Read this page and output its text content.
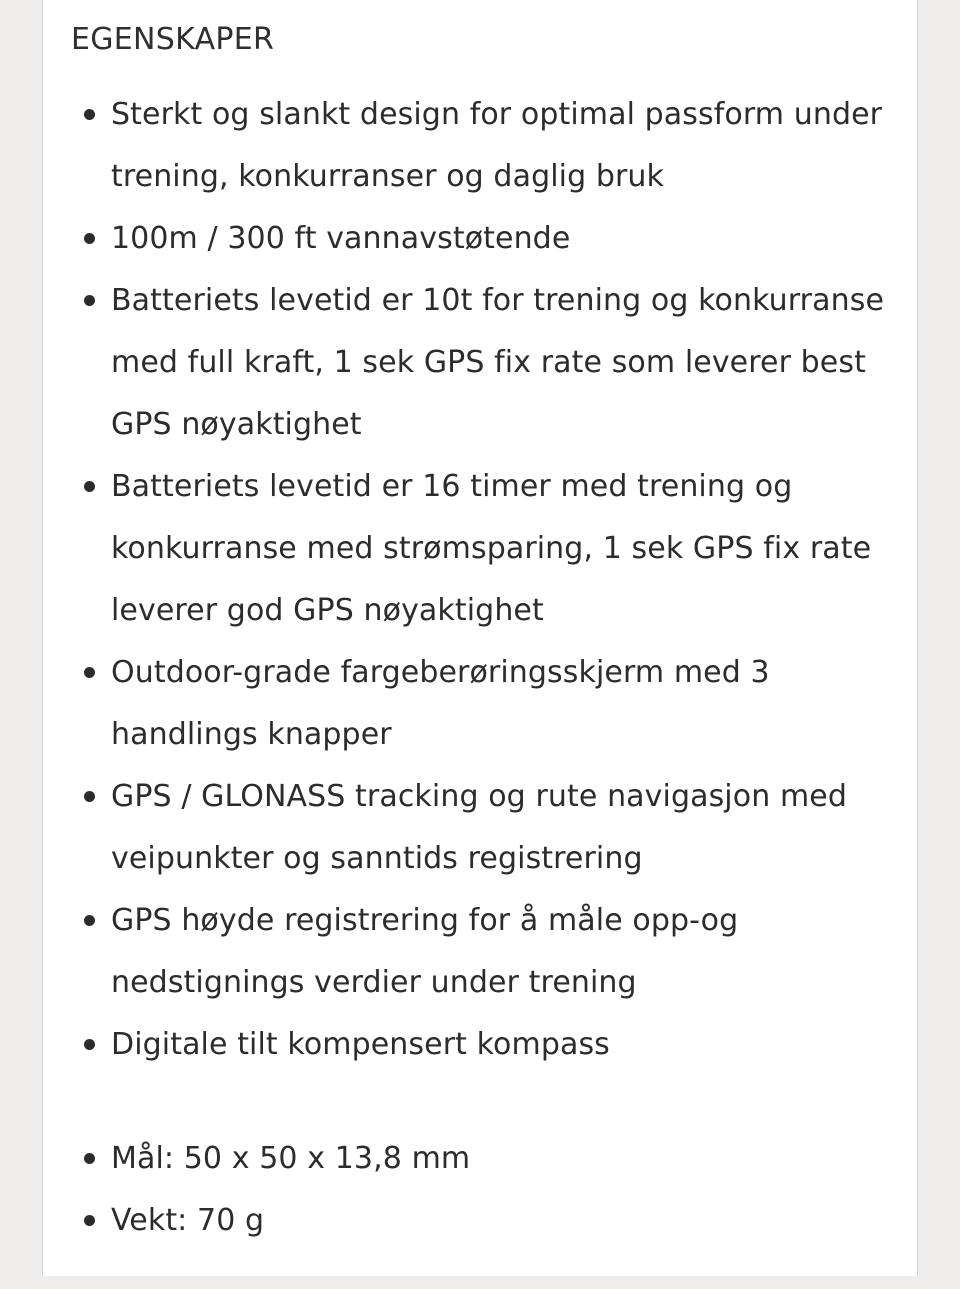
EGENSKAPER
Sterkt og slankt design for optimal passform under trening, konkurranser og daglig bruk
100m / 300 ft vannavstøtende
Batteriets levetid er 10t for trening og konkurranse med full kraft, 1 sek GPS fix rate som leverer best GPS nøyaktighet
Batteriets levetid er 16 timer med trening og konkurranse med strømsparing, 1 sek GPS fix rate leverer god GPS nøyaktighet
Outdoor-grade fargeberøringsskjerm med 3 handlings knapper
GPS / GLONASS tracking og rute navigasjon med veipunkter og sanntids registrering
GPS høyde registrering for å måle opp-og nedstignings verdier under trening
Digitale tilt kompensert kompass
Mål: 50 x 50 x 13,8 mm
Vekt: 70 g
